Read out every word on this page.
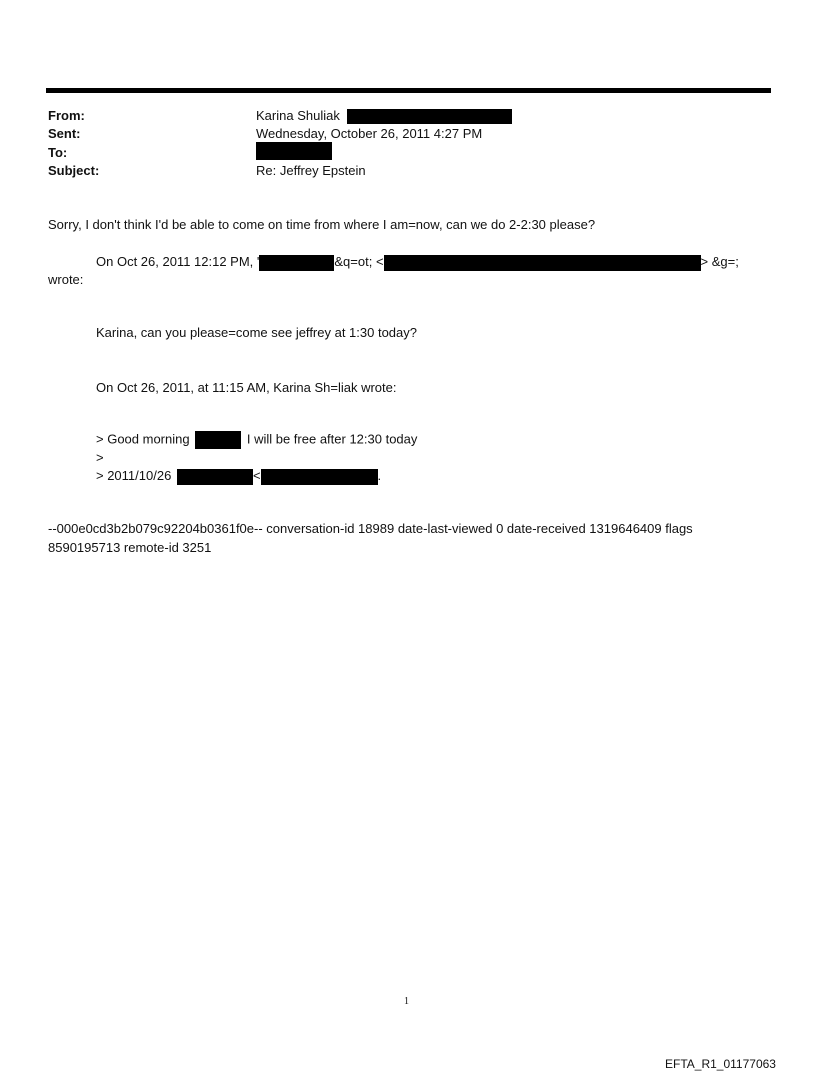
From:	Karina Shuliak
Sent:	Wednesday, October 26, 2011 4:27 PM
To:
Subject:	Re: Jeffrey Epstein
Sorry, I don't think I'd be able to come on time from where I am=now, can we do 2-2:30 please?
On Oct 26, 2011 12:12 PM, '	&q=ot; <	> &g=;
wrote:
Karina, can you please=come see jeffrey at 1:30 today?
On Oct 26, 2011, at 11:15 AM, Karina Sh=liak wrote:
> Good morning	I will be free after 12:30 today
>
> 2011/10/26	<	.
--000e0cd3b2b079c92204b0361f0e-- conversation-id 18989 date-last-viewed 0 date-received 1319646409 flags
8590195713 remote-id 3251
1
EFTA_R1_01177063
